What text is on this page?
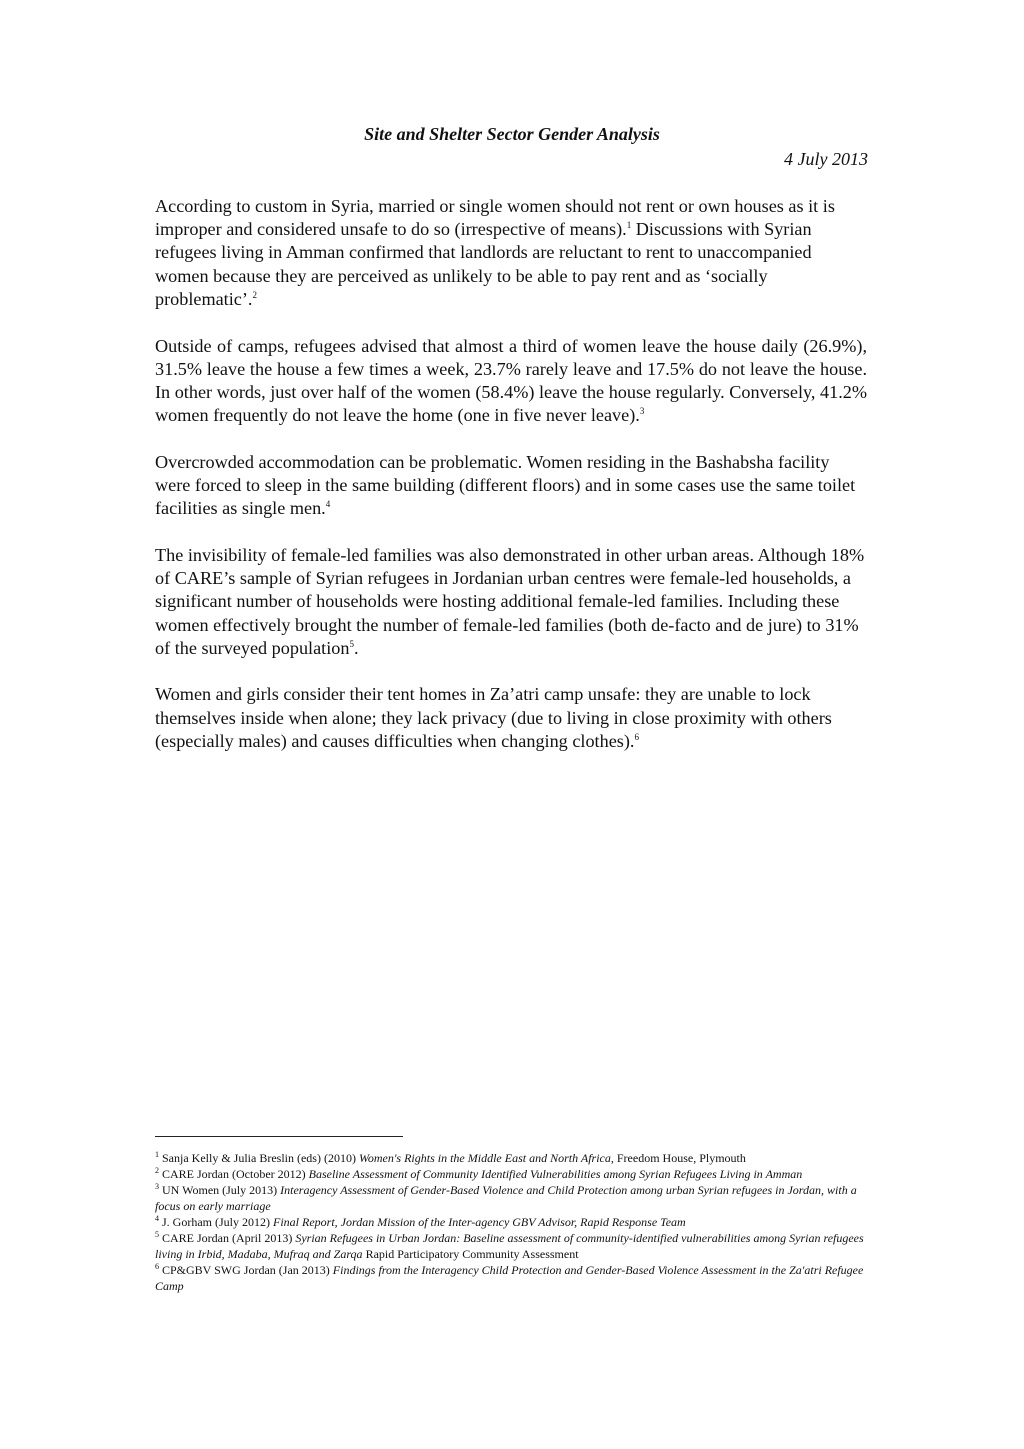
Site and Shelter Sector Gender Analysis

4 July 2013

According to custom in Syria, married or single women should not rent or own houses as it is improper and considered unsafe to do so (irrespective of means).$^1$ Discussions with Syrian refugees living in Amman confirmed that landlords are reluctant to rent to unaccompanied women because they are perceived as unlikely to be able to pay rent and as ‘socially problematic’.$^2$

Outside of camps, refugees advised that almost a third of women leave the house daily (26.9%), 31.5% leave the house a few times a week, 23.7% rarely leave and 17.5% do not leave the house. In other words, just over half of the women (58.4%) leave the house regularly. Conversely, 41.2% women frequently do not leave the home (one in five never leave).$^3$

Overcrowded accommodation can be problematic. Women residing in the Bashabsha facility were forced to sleep in the same building (different floors) and in some cases use the same toilet facilities as single men.$^4$

The invisibility of female-led families was also demonstrated in other urban areas. Although 18% of CARE’s sample of Syrian refugees in Jordanian urban centres were female-led households, a significant number of households were hosting additional female-led families. Including these women effectively brought the number of female-led families (both de-facto and de jure) to 31% of the surveyed population$^5$.

Women and girls consider their tent homes in Za’atri camp unsafe: they are unable to lock themselves inside when alone; they lack privacy (due to living in close proximity with others (especially males) and causes difficulties when changing clothes).$^6$

$^1$ Sanja Kelly & Julia Breslin (eds) (2010) Women's Rights in the Middle East and North Africa, Freedom House, Plymouth

$^2$ CARE Jordan (October 2012) Baseline Assessment of Community Identified Vulnerabilities among Syrian Refugees Living in Amman

$^3$ UN Women (July 2013) Interagency Assessment of Gender-Based Violence and Child Protection among urban Syrian refugees in Jordan, with a focus on early marriage

$^4$ J. Gorham (July 2012) Final Report, Jordan Mission of the Inter-agency GBV Advisor, Rapid Response Team

$^5$ CARE Jordan (April 2013) Syrian Refugees in Urban Jordan: Baseline assessment of community-identified vulnerabilities among Syrian refugees living in Irbid, Madaba, Mufraq and Zarqa Rapid Participatory Community Assessment

$^6$ CP&GBV SWG Jordan (Jan 2013) Findings from the Interagency Child Protection and Gender-Based Violence Assessment in the Za'atri Refugee Camp
